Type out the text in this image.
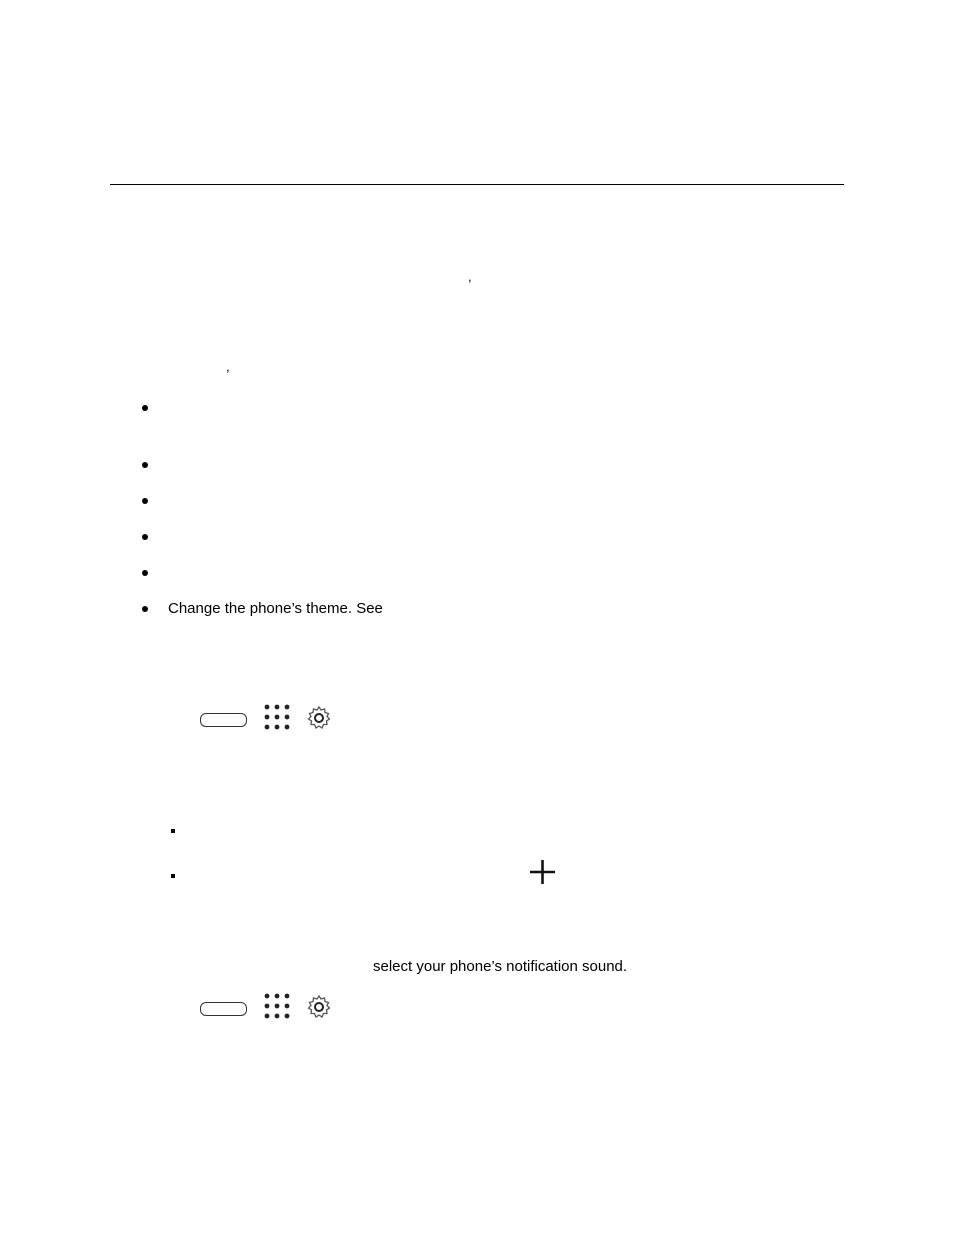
,
,
Change the phone’s theme. See
select your phone’s notification sound.
